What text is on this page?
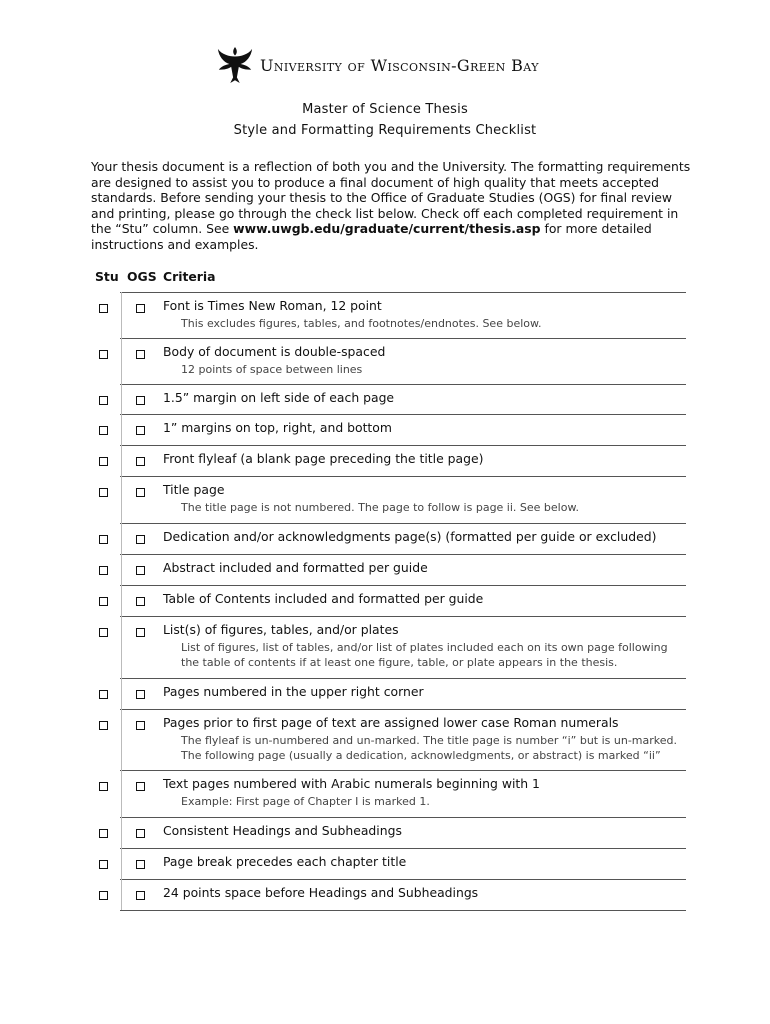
University of Wisconsin-Green Bay
Master of Science Thesis
Style and Formatting Requirements Checklist
Your thesis document is a reflection of both you and the University. The formatting requirements are designed to assist you to produce a final document of high quality that meets accepted standards. Before sending your thesis to the Office of Graduate Studies (OGS) for final review and printing, please go through the check list below. Check off each completed requirement in the “Stu” column. See www.uwgb.edu/graduate/current/thesis.asp for more detailed instructions and examples.
Stu OGS Criteria
Font is Times New Roman, 12 point
This excludes figures, tables, and footnotes/endnotes. See below.
Body of document is double-spaced
12 points of space between lines
1.5” margin on left side of each page
1” margins on top, right, and bottom
Front flyleaf (a blank page preceding the title page)
Title page
The title page is not numbered. The page to follow is page ii. See below.
Dedication and/or acknowledgments page(s) (formatted per guide or excluded)
Abstract included and formatted per guide
Table of Contents included and formatted per guide
List(s) of figures, tables, and/or plates
List of figures, list of tables, and/or list of plates included each on its own page following the table of contents if at least one figure, table, or plate appears in the thesis.
Pages numbered in the upper right corner
Pages prior to first page of text are assigned lower case Roman numerals
The flyleaf is un-numbered and un-marked. The title page is number “i” but is un-marked. The following page (usually a dedication, acknowledgments, or abstract) is marked “ii”
Text pages numbered with Arabic numerals beginning with 1
Example: First page of Chapter I is marked 1.
Consistent Headings and Subheadings
Page break precedes each chapter title
24 points space before Headings and Subheadings
